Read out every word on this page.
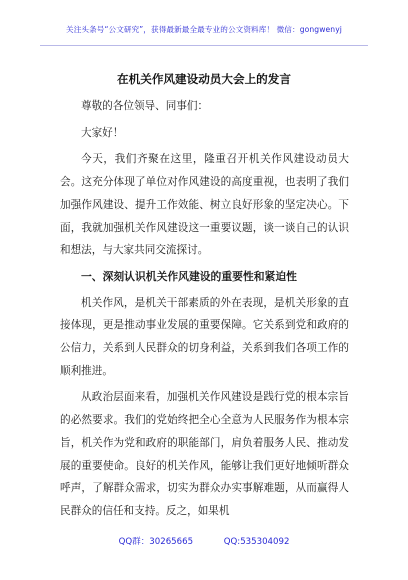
关注头条号“公文研究”，获得最新最全最专业的公文资料库！ 微信：gongwenyj
在机关作风建设动员大会上的发言

尊敬的各位领导、同事们：

大家好！

今天，我们齐聚在这里，隆重召开机关作风建设动员大会。这充分体现了单位对作风建设的高度重视，也表明了我们加强作风建设、提升工作效能、树立良好形象的坚定决心。下面，我就加强机关作风建设这一重要议题，谈一谈自己的认识和想法，与大家共同交流探讨。

一、深刻认识机关作风建设的重要性和紧迫性

机关作风，是机关干部素质的外在表现，是机关形象的直接体现，更是推动事业发展的重要保障。它关系到党和政府的公信力，关系到人民群众的切身利益，关系到我们各项工作的顺利推进。

从政治层面来看，加强机关作风建设是践行党的根本宗旨的必然要求。我们的党始终把全心全意为人民服务作为根本宗旨，机关作为党和政府的职能部门，肩负着服务人民、推动发展的重要使命。良好的机关作风，能够让我们更好地倾听群众呼声，了解群众需求，切实为群众办实事解难题，从而赢得人民群众的信任和支持。反之，如果机

QQ群：30265665	QQ:535304092
